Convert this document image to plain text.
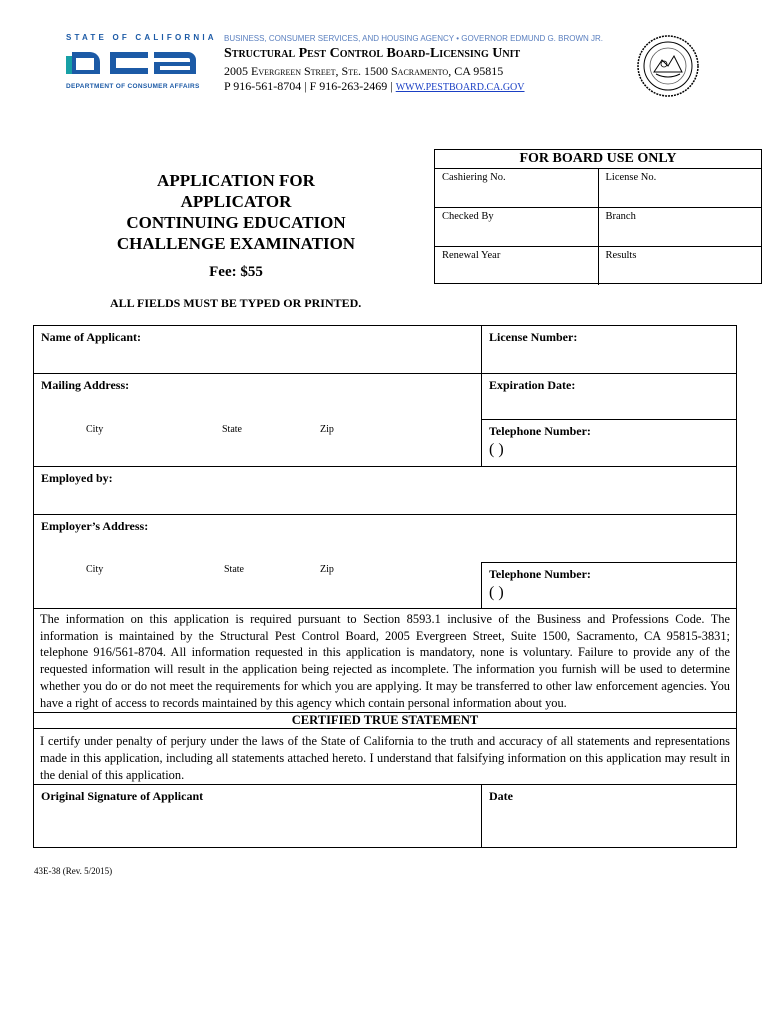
STATE OF CALIFORNIA
DEPARTMENT OF CONSUMER AFFAIRS
BUSINESS, CONSUMER SERVICES, AND HOUSING AGENCY • GOVERNOR EDMUND G. BROWN JR.
Structural Pest Control Board-Licensing Unit
2005 Evergreen Street, Ste. 1500 Sacramento, CA 95815
P 916-561-8704 | F 916-263-2469 | WWW.PESTBOARD.CA.GOV
FOR BOARD USE ONLY
Cashiering No.	License No.
Checked By	Branch
Renewal Year	Results
APPLICATION FOR
APPLICATOR
CONTINUING EDUCATION
CHALLENGE EXAMINATION
Fee: $55
ALL FIELDS MUST BE TYPED OR PRINTED.
Name of Applicant:	License Number:
Mailing Address:
City	State	Zip
Expiration Date:
Telephone Number:
( )
Employed by:
Employer’s Address:
City	State	Zip	Telephone Number:
( )
The information on this application is required pursuant to Section 8593.1 inclusive of the Business and Professions Code. The information is maintained by the Structural Pest Control Board, 2005 Evergreen Street, Suite 1500, Sacramento, CA 95815-3831; telephone 916/561-8704. All information requested in this application is mandatory, none is voluntary. Failure to provide any of the requested information will result in the application being rejected as incomplete. The information you furnish will be used to determine whether you do or do not meet the requirements for which you are applying. It may be transferred to other law enforcement agencies. You have a right of access to records maintained by this agency which contain personal information about you.
CERTIFIED TRUE STATEMENT
I certify under penalty of perjury under the laws of the State of California to the truth and accuracy of all statements and representations made in this application, including all statements attached hereto. I understand that falsifying information on this application may result in the denial of this application.
Original Signature of Applicant	Date
43E-38 (Rev. 5/2015)
